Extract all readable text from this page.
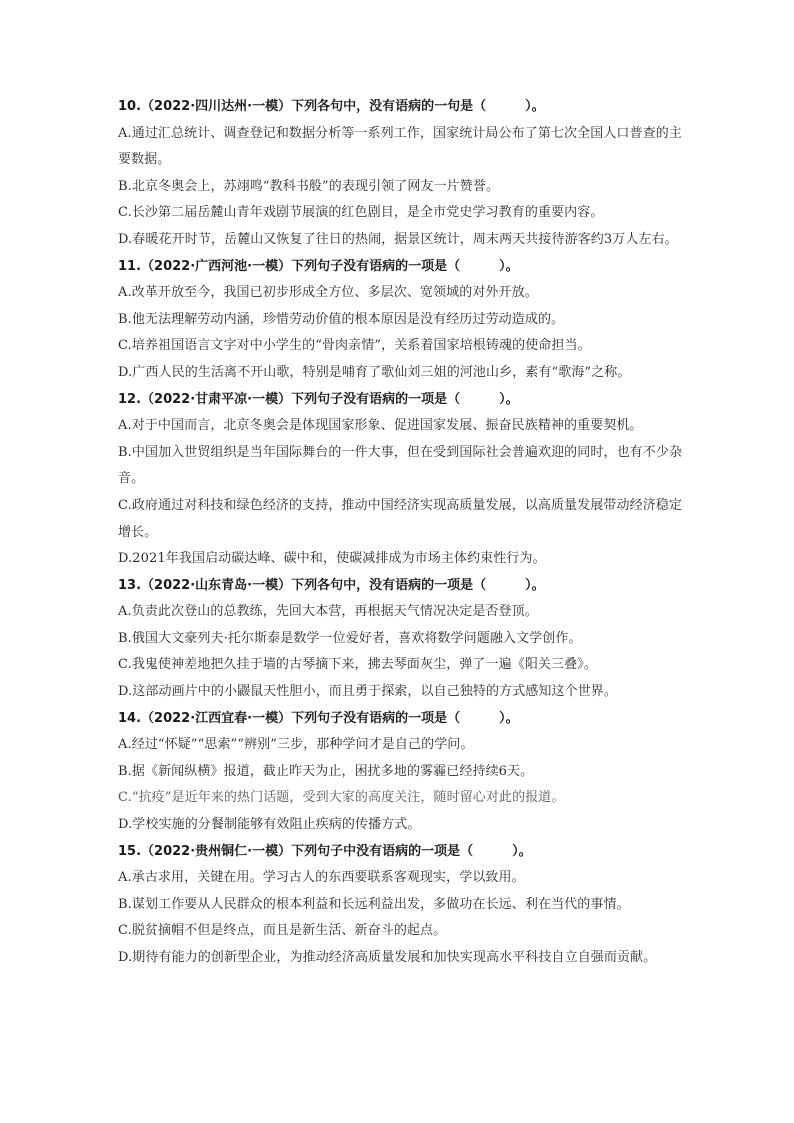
10.（2022·四川达州·一模）下列各句中，没有语病的一句是（　　　）。
A.通过汇总统计、调查登记和数据分析等一系列工作，国家统计局公布了第七次全国人口普查的主要数据。
B.北京冬奥会上，苏翊鸣“教科书般”的表现引领了网友一片赞誉。
C.长沙第二届岳麓山青年戏剧节展演的红色剧目，是全市党史学习教育的重要内容。
D.春暖花开时节，岳麓山又恢复了往日的热闹，据景区统计，周末两天共接待游客约3万人左右。
11.（2022·广西河池·一模）下列句子没有语病的一项是（　　　）。
A.改革开放至今，我国已初步形成全方位、多层次、宽领域的对外开放。
B.他无法理解劳动内涵，珍惜劳动价值的根本原因是没有经历过劳动造成的。
C.培养祖国语言文字对中小学生的“骨肉亲情”，关系着国家培根铸魂的使命担当。
D.广西人民的生活离不开山歌，特别是哺育了歌仙刘三姐的河池山乡，素有“歌海”之称。
12.（2022·甘肃平凉·一模）下列句子没有语病的一项是（　　　）。
A.对于中国而言，北京冬奥会是体现国家形象、促进国家发展、振奋民族精神的重要契机。
B.中国加入世贸组织是当年国际舞台的一件大事，但在受到国际社会普遍欢迎的同时，也有不少杂音。
C.政府通过对科技和绿色经济的支持，推动中国经济实现高质量发展，以高质量发展带动经济稳定增长。
D.2021年我国启动碳达峰、碳中和，使碳减排成为市场主体约束性行为。
13.（2022·山东青岛·一模）下列各句中，没有语病的一项是（　　　）。
A.负责此次登山的总教练，先回大本营，再根据天气情况决定是否登顶。
B.俄国大文豪列夫·托尔斯泰是数学一位爱好者，喜欢将数学问题融入文学创作。
C.我鬼使神差地把久挂于墙的古琴摘下来，拂去琴面灰尘，弹了一遍《阳关三叠》。
D.这部动画片中的小鼹鼠天性胆小，而且勇于探索，以自己独特的方式感知这个世界。
14.（2022·江西宜春·一模）下列句子没有语病的一项是（　　　）。
A.经过“怀疑”“思索”“辨别”三步，那种学问才是自己的学问。
B.据《新闻纵横》报道，截止昨天为止，困扰多地的雾霾已经持续6天。
C.“抗疫”是近年来的热门话题，受到大家的高度关注，随时留心对此的报道。
D.学校实施的分餐制能够有效阻止疾病的传播方式。
15.（2022·贵州铜仁·一模）下列句子中没有语病的一项是（　　　）。
A.承古求用，关键在用。学习古人的东西要联系客观现实，学以致用。
B.谋划工作要从人民群众的根本利益和长远利益出发，多做功在长远、利在当代的事情。
C.脱贫摘帽不但是终点，而且是新生活、新奋斗的起点。
D.期待有能力的创新型企业，为推动经济高质量发展和加快实现高水平科技自立自强而贡献。
